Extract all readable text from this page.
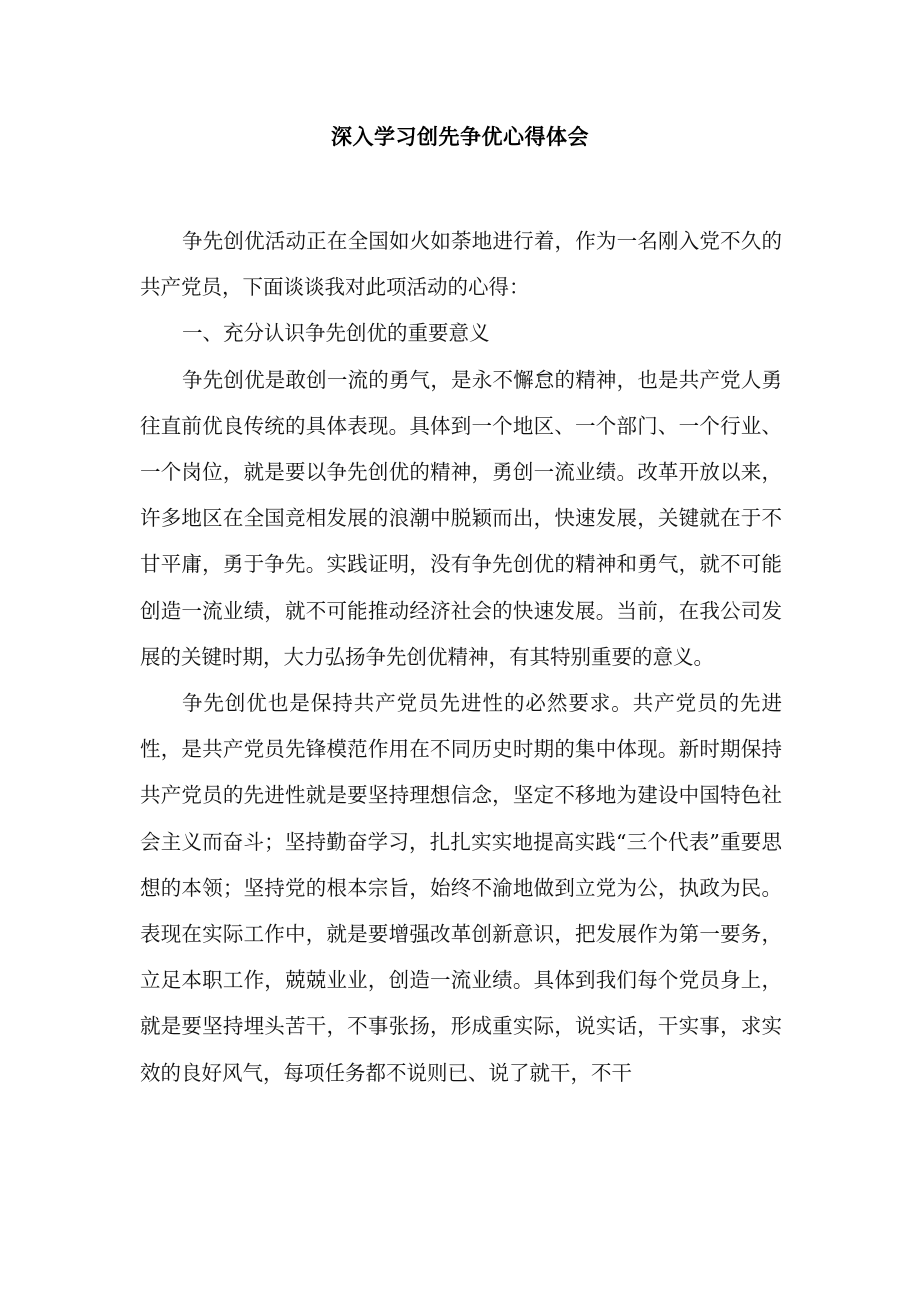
深入学习创先争优心得体会

争先创优活动正在全国如火如荼地进行着，作为一名刚入党不久的共产党员，下面谈谈我对此项活动的心得：

一、充分认识争先创优的重要意义

争先创优是敢创一流的勇气，是永不懈怠的精神，也是共产党人勇往直前优良传统的具体表现。具体到一个地区、一个部门、一个行业、一个岗位，就是要以争先创优的精神，勇创一流业绩。改革开放以来，许多地区在全国竞相发展的浪潮中脱颖而出，快速发展，关键就在于不甘平庸，勇于争先。实践证明，没有争先创优的精神和勇气，就不可能创造一流业绩，就不可能推动经济社会的快速发展。当前，在我公司发展的关键时期，大力弘扬争先创优精神，有其特别重要的意义。

争先创优也是保持共产党员先进性的必然要求。共产党员的先进性，是共产党员先锋模范作用在不同历史时期的集中体现。新时期保持共产党员的先进性就是要坚持理想信念，坚定不移地为建设中国特色社会主义而奋斗；坚持勤奋学习，扎扎实实地提高实践“三个代表”重要思想的本领；坚持党的根本宗旨，始终不渝地做到立党为公，执政为民。表现在实际工作中，就是要增强改革创新意识，把发展作为第一要务，立足本职工作，兢兢业业，创造一流业绩。具体到我们每个党员身上，就是要坚持埋头苦干，不事张扬，形成重实际，说实话，干实事，求实效的良好风气，每项任务都不说则已、说了就干，不干
